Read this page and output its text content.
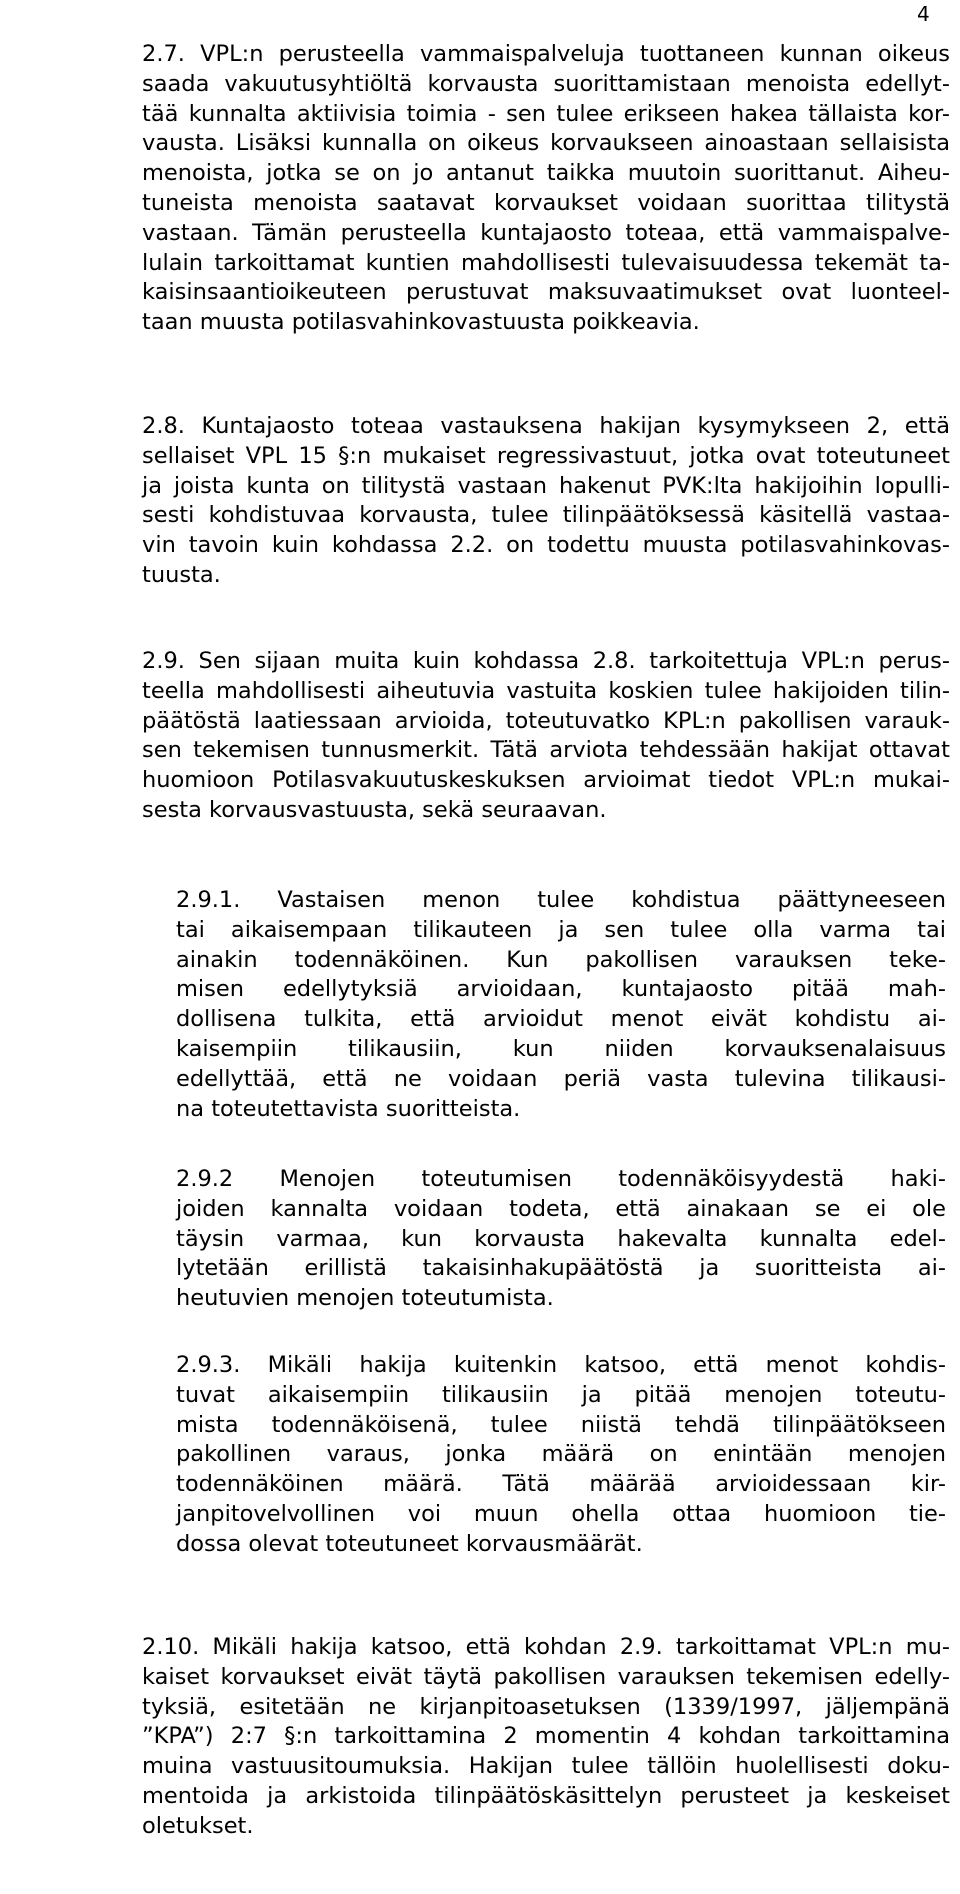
4
2.7. VPL:n perusteella vammaispalveluja tuottaneen kunnan oikeus
saada vakuutusyhtiöltä korvausta suorittamistaan menoista edellyt-
tää kunnalta aktiivisia toimia - sen tulee erikseen hakea tällaista kor-
vausta. Lisäksi kunnalla on oikeus korvaukseen ainoastaan sellaisista
menoista, jotka se on jo antanut taikka muutoin suorittanut. Aiheu-
tuneista menoista saatavat korvaukset voidaan suorittaa tilitystä
vastaan. Tämän perusteella kuntajaosto toteaa, että vammaispalve-
lulain tarkoittamat kuntien mahdollisesti tulevaisuudessa tekemät ta-
kaisinsaantioikeuteen perustuvat maksuvaatimukset ovat luonteel-
taan muusta potilasvahinkovastuusta poikkeavia.
2.8. Kuntajaosto toteaa vastauksena hakijan kysymykseen 2, että
sellaiset VPL 15 §:n mukaiset regressivastuut, jotka ovat toteutuneet
ja joista kunta on tilitystä vastaan hakenut PVK:lta hakijoihin lopulli-
sesti kohdistuvaa korvausta, tulee tilinpäätöksessä käsitellä vastaa-
vin tavoin kuin kohdassa 2.2. on todettu muusta potilasvahinkovas-
tuusta.
2.9. Sen sijaan muita kuin kohdassa 2.8. tarkoitettuja VPL:n perus-
teella mahdollisesti aiheutuvia vastuita koskien tulee hakijoiden tilin-
päätöstä laatiessaan arvioida, toteutuvatko KPL:n pakollisen varauk-
sen tekemisen tunnusmerkit. Tätä arviota tehdessään hakijat ottavat
huomioon Potilasvakuutuskeskuksen arvioimat tiedot VPL:n mukai-
sesta korvausvastuusta, sekä seuraavan.
2.9.1. Vastaisen menon tulee kohdistua päättyneeseen
tai aikaisempaan tilikauteen ja sen tulee olla varma tai
ainakin todennäköinen. Kun pakollisen varauksen teke-
misen edellytyksiä arvioidaan, kuntajaosto pitää mah-
dollisena tulkita, että arvioidut menot eivät kohdistu ai-
kaisempiin tilikausiin, kun niiden korvauksenalaisuus
edellyttää, että ne voidaan periä vasta tulevina tilikausi-
na toteutettavista suoritteista.
2.9.2 Menojen toteutumisen todennäköisyydestä haki-
joiden kannalta voidaan todeta, että ainakaan se ei ole
täysin varmaa, kun korvausta hakevalta kunnalta edel-
lytetään erillistä takaisinhakupäätöstä ja suoritteista ai-
heutuvien menojen toteutumista.
2.9.3. Mikäli hakija kuitenkin katsoo, että menot kohdis-
tuvat aikaisempiin tilikausiin ja pitää menojen toteutu-
mista todennäköisenä, tulee niistä tehdä tilinpäätökseen
pakollinen varaus, jonka määrä on enintään menojen
todennäköinen määrä. Tätä määrää arvioidessaan kir-
janpitovelvollinen voi muun ohella ottaa huomioon tie-
dossa olevat toteutuneet korvausmäärät.
2.10. Mikäli hakija katsoo, että kohdan 2.9. tarkoittamat VPL:n mu-
kaiset korvaukset eivät täytä pakollisen varauksen tekemisen edelly-
tyksiä, esitetään ne kirjanpitoasetuksen (1339/1997, jäljempänä
”KPA”) 2:7 §:n tarkoittamina 2 momentin 4 kohdan tarkoittamina
muina vastuusitoumuksia. Hakijan tulee tällöin huolellisesti doku-
mentoida ja arkistoida tilinpäätöskäsittelyn perusteet ja keskeiset
oletukset.
